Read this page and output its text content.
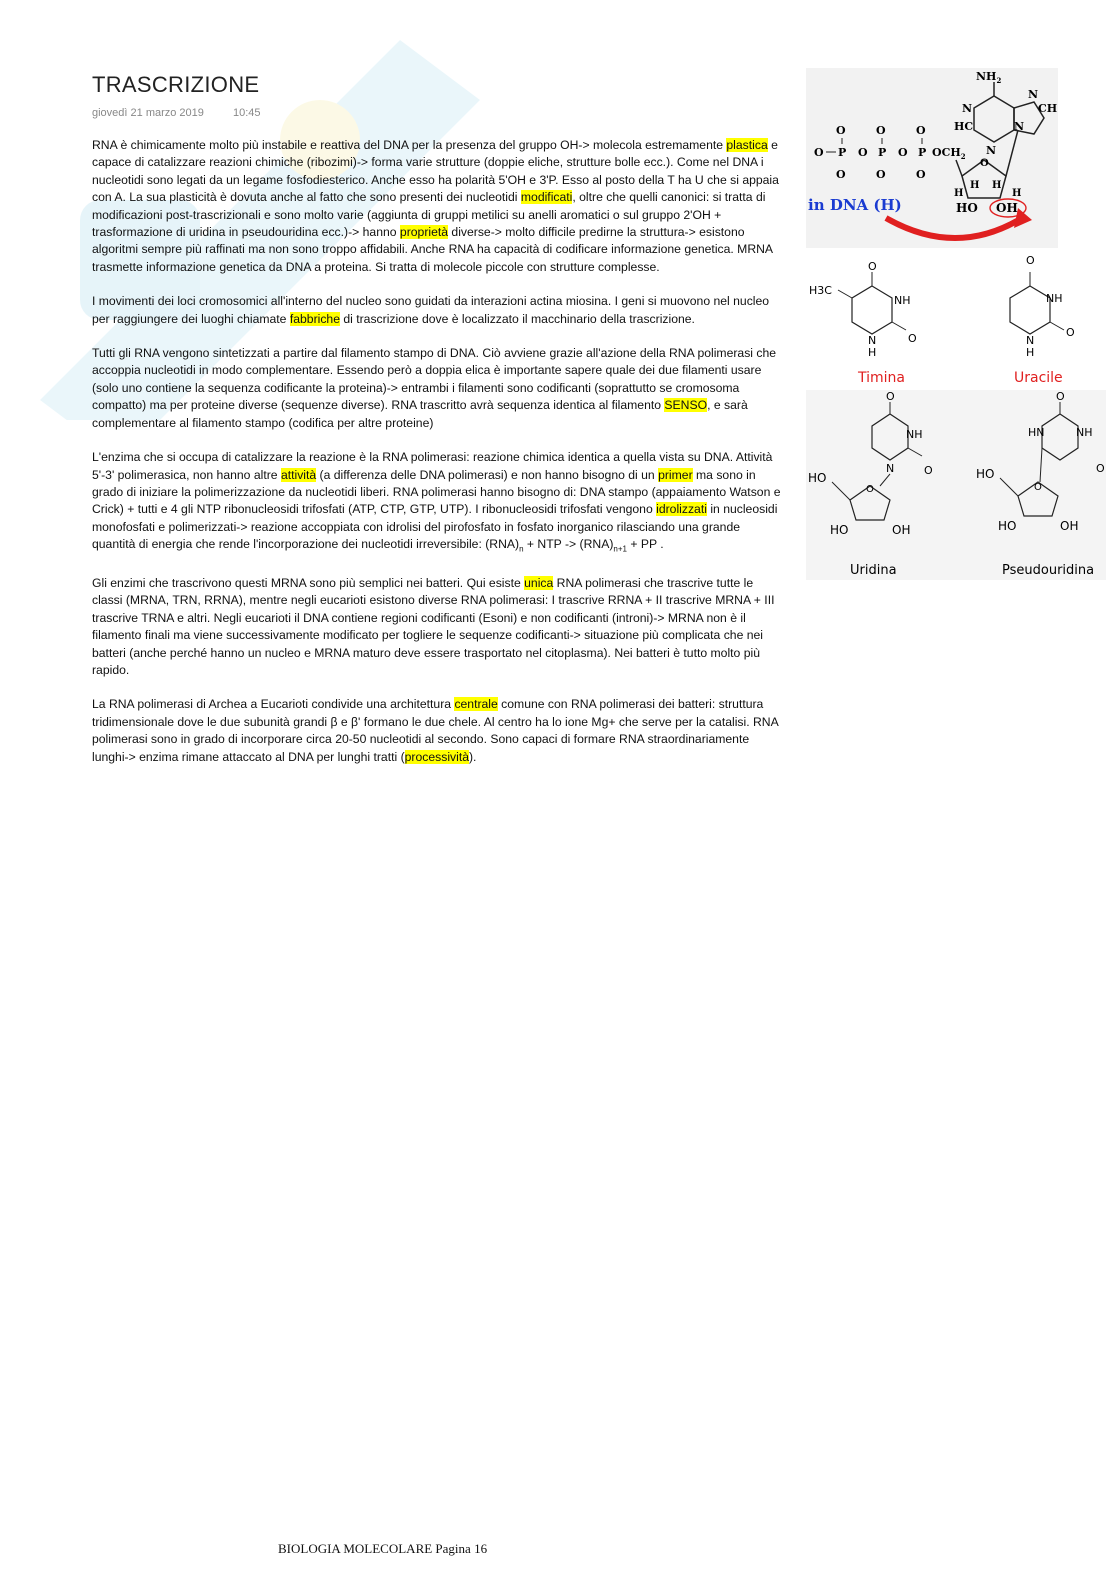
TRASCRIZIONE
giovedì 21 marzo 2019	10:45

RNA è chimicamente molto più instabile e reattiva del DNA per la presenza del gruppo OH-> molecola estremamente plastica e capace di catalizzare reazioni chimiche (ribozimi)-> forma varie strutture (doppie eliche, strutture bolle ecc.). Come nel DNA i nucleotidi sono legati da un legame fosfodiesterico. Anche esso ha polarità 5'OH e 3'P. Esso al posto della T ha U che si appaia con A. La sua plasticità è dovuta anche al fatto che sono presenti dei nucleotidi modificati, oltre che quelli canonici: si tratta di modificazioni post-trascrizionali e sono molto varie (aggiunta di gruppi metilici su anelli aromatici o sul gruppo 2'OH + trasformazione di uridina in pseudouridina ecc.)-> hanno proprietà diverse-> molto difficile predirne la struttura-> esistono algoritmi sempre più raffinati ma non sono troppo affidabili. Anche RNA ha capacità di codificare informazione genetica. MRNA trasmette informazione genetica da DNA a proteina. Si tratta di molecole piccole con strutture complesse.

I movimenti dei loci cromosomici all'interno del nucleo sono guidati da interazioni actina miosina. I geni si muovono nel nucleo per raggiungere dei luoghi chiamate fabbriche di trascrizione dove è localizzato il macchinario della trascrizione.

Tutti gli RNA vengono sintetizzati a partire dal filamento stampo di DNA. Ciò avviene grazie all'azione della RNA polimerasi che accoppia nucleotidi in modo complementare. Essendo però a doppia elica è importante sapere quale dei due filamenti usare (solo uno contiene la sequenza codificante la proteina)-> entrambi i filamenti sono codificanti (soprattutto se cromosoma compatto) ma per proteine diverse (sequenze diverse). RNA trascritto avrà sequenza identica al filamento SENSO, e sarà complementare al filamento stampo (codifica per altre proteine)

L'enzima che si occupa di catalizzare la reazione è la RNA polimerasi: reazione chimica identica a quella vista su DNA. Attività 5'-3' polimerasica, non hanno altre attività (a differenza delle DNA polimerasi) e non hanno bisogno di un primer ma sono in grado di iniziare la polimerizzazione da nucleotidi liberi. RNA polimerasi hanno bisogno di: DNA stampo (appaiamento Watson e Crick) + tutti e 4 gli NTP ribonucleosidi trifosfati (ATP, CTP, GTP, UTP). I ribonucleosidi trifosfati vengono idrolizzati in nucleosidi monofosfati e polimerizzati-> reazione accoppiata con idrolisi del pirofosfato in fosfato inorganico rilasciando una grande quantità di energia che rende l'incorporazione dei nucleotidi irreversibile: $(RNA)_n$ + NTP -> $(RNA)_{n+1}$ + PP .

Gli enzimi che trascrivono questi MRNA sono più semplici nei batteri. Qui esiste unica RNA polimerasi che trascrive tutte le classi (MRNA, TRN, RRNA), mentre negli eucarioti esistono diverse RNA polimerasi: I trascrive RRNA + II trascrive MRNA + III trascrive TRNA e altri. Negli eucarioti il DNA contiene regioni codificanti (Esoni) e non codificanti (introni)-> MRNA non è il filamento finali ma viene successivamente modificato per togliere le sequenze codificanti-> situazione più complicata che nei batteri (anche perché hanno un nucleo e MRNA maturo deve essere trasportato nel citoplasma). Nei batteri è tutto molto più rapido.

La RNA polimerasi di Archea a Eucarioti condivide una architettura centrale comune con RNA polimerasi dei batteri: struttura tridimensionale dove le due subunità grandi β e β' formano le due chele. Al centro ha lo ione Mg+ che serve per la catalisi. RNA polimerasi sono in grado di incorporare circa 20-50 nucleotidi al secondo. Sono capaci di formare RNA straordinariamente lunghi-> enzima rimane attaccato al DNA per lunghi tratti (processività).

$NH_2$
N
HC
N
N
CH
N
O	O	O
O P O P O P $OCH_2$
O	O	O
O
H	H
H H
HO OH
in DNA (H)
O
H3C
NH
O
N
H
Timina
O
NH
O
N
H
Uracile
O
NH
O
N
O
HO
HO	OH
Uridina
O
HN	NH
O
O
HO
HO	OH
Pseudouridina
BIOLOGIA MOLECOLARE Pagina 16
